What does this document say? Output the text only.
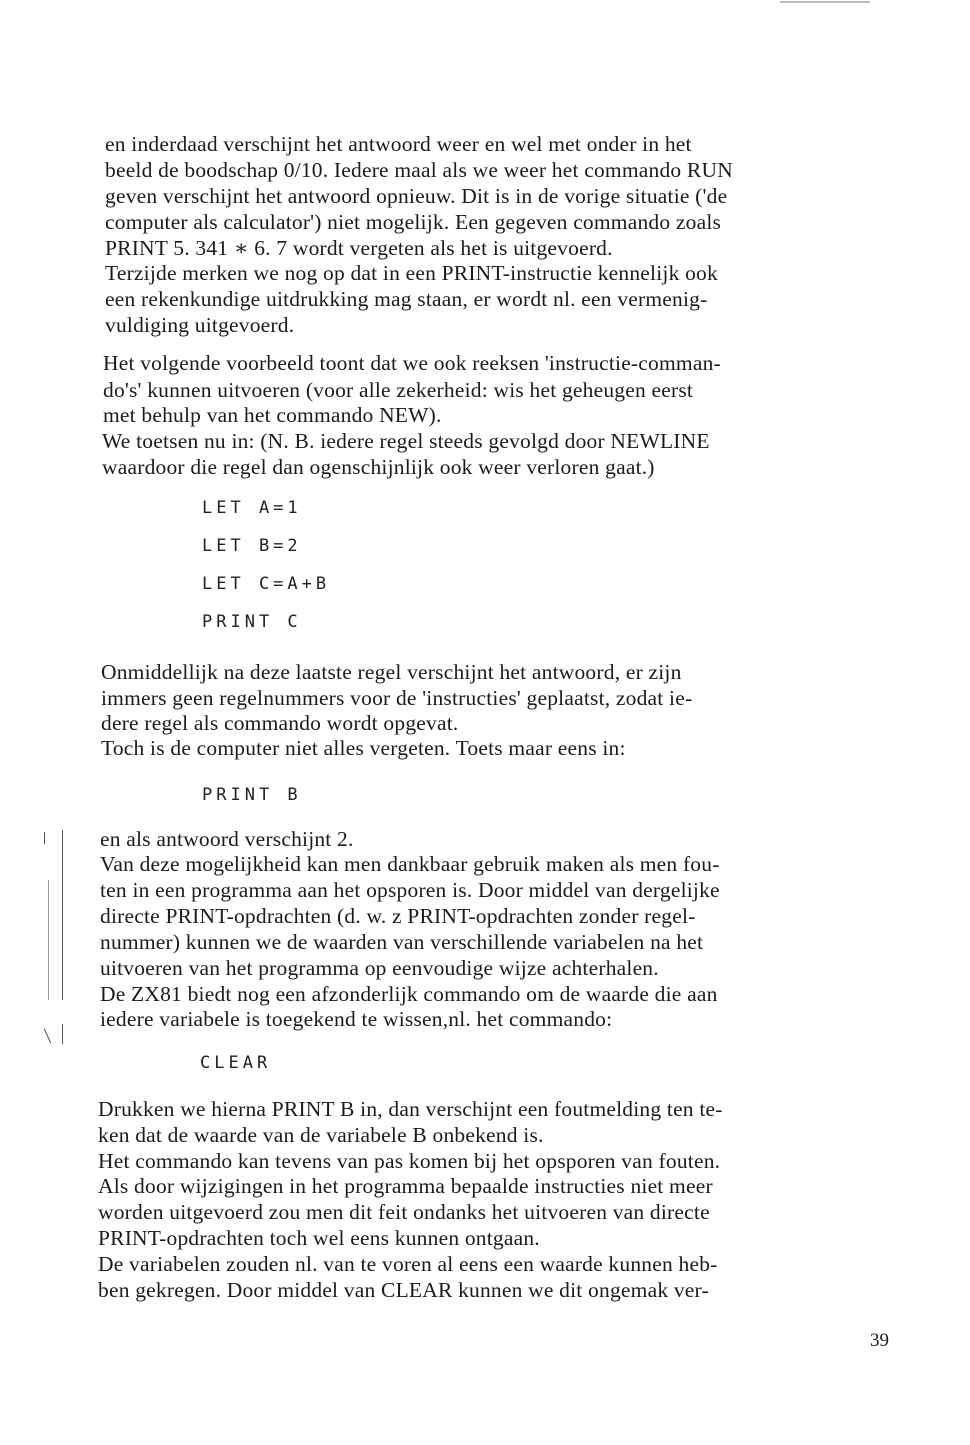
en inderdaad verschijnt het antwoord weer en wel met onder in het
beeld de boodschap 0/10. Iedere maal als we weer het commando RUN
geven verschijnt het antwoord opnieuw. Dit is in de vorige situatie ('de
computer als calculator') niet mogelijk. Een gegeven commando zoals
PRINT 5. 341 ∗ 6. 7 wordt vergeten als het is uitgevoerd.
Terzijde merken we nog op dat in een PRINT-instructie kennelijk ook
een rekenkundige uitdrukking mag staan, er wordt nl. een vermenig-
vuldiging uitgevoerd.
Het volgende voorbeeld toont dat we ook reeksen 'instructie-comman-
do's' kunnen uitvoeren (voor alle zekerheid: wis het geheugen eerst
met behulp van het commando NEW).
We toetsen nu in: (N. B. iedere regel steeds gevolgd door NEWLINE
waardoor die regel dan ogenschijnlijk ook weer verloren gaat.)
LET A=1
LET B=2
LET C=A+B
PRINT C
Onmiddellijk na deze laatste regel verschijnt het antwoord, er zijn
immers geen regelnummers voor de 'instructies' geplaatst, zodat ie-
dere regel als commando wordt opgevat.
Toch is de computer niet alles vergeten. Toets maar eens in:
PRINT B
en als antwoord verschijnt 2.
Van deze mogelijkheid kan men dankbaar gebruik maken als men fou-
ten in een programma aan het opsporen is. Door middel van dergelijke
directe PRINT-opdrachten (d. w. z PRINT-opdrachten zonder regel-
nummer) kunnen we de waarden van verschillende variabelen na het
uitvoeren van het programma op eenvoudige wijze achterhalen.
De ZX81 biedt nog een afzonderlijk commando om de waarde die aan
iedere variabele is toegekend te wissen,nl. het commando:
CLEAR
Drukken we hierna PRINT B in, dan verschijnt een foutmelding ten te-
ken dat de waarde van de variabele B onbekend is.
Het commando kan tevens van pas komen bij het opsporen van fouten.
Als door wijzigingen in het programma bepaalde instructies niet meer
worden uitgevoerd zou men dit feit ondanks het uitvoeren van directe
PRINT-opdrachten toch wel eens kunnen ontgaan.
De variabelen zouden nl. van te voren al eens een waarde kunnen heb-
ben gekregen. Door middel van CLEAR kunnen we dit ongemak ver-
39
